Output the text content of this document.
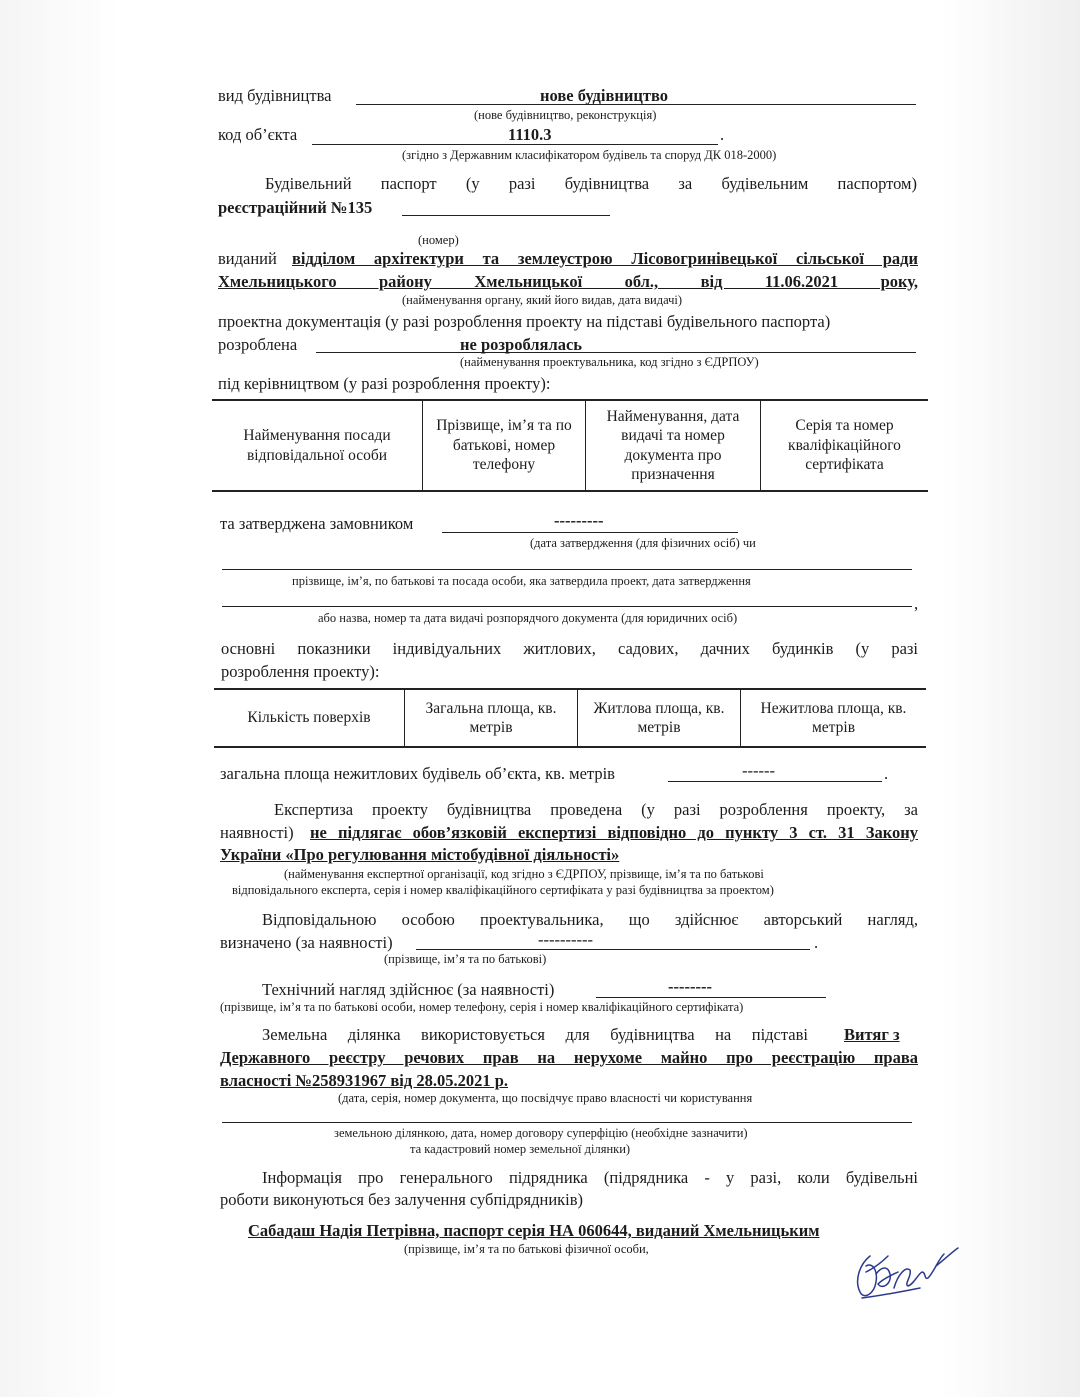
вид будівництва	нове будівництво
(нове будівництво, реконструкція)
код об’єкта	1110.3	.
(згідно з Державним класифікатором будівель та споруд ДК 018-2000)
Будівельний паспорт (у разі будівництва за будівельним паспортом)
реєстраційний №135
(номер)
виданий відділом архітектури та землеустрою Лісовогринівецької сільської ради
Хмельницького району Хмельницької обл., від 11.06.2021 року,
(найменування органу, який його видав, дата видачі)
проектна документація (у разі розроблення проекту на підставі будівельного паспорта)
розроблена	не розроблялась
(найменування проектувальника, код згідно з ЄДРПОУ)
під керівництвом (у разі розроблення проекту):
Найменування посади відповідальної особи	Прізвище, ім’я та по батькові, номер телефону	Найменування, дата видачі та номер документа про призначення	Серія та номер кваліфікаційного сертифіката
та затверджена замовником	---------
(дата затвердження (для фізичних осіб) чи
прізвище, ім’я, по батькові та посада особи, яка затвердила проект, дата затвердження
,
або назва, номер та дата видачі розпорядчого документа (для юридичних осіб)
основні показники індивідуальних житлових, садових, дачних будинків (у разі
розроблення проекту):
Кількість поверхів	Загальна площа, кв. метрів	Житлова площа, кв. метрів	Нежитлова площа, кв. метрів
загальна площа нежитлових будівель об’єкта, кв. метрів	------	.
Експертиза проекту будівництва проведена (у разі розроблення проекту, за
наявності) не підлягає обов’язковій експертизі відповідно до пункту 3 ст. 31 Закону
України «Про регулювання містобудівної діяльності»
(найменування експертної організації, код згідно з ЄДРПОУ, прізвище, ім’я та по батькові
відповідального експерта, серія і номер кваліфікаційного сертифіката у разі будівництва за проектом)
Відповідальною особою проектувальника, що здійснює авторський нагляд,
визначено (за наявності)	----------	.
(прізвище, ім’я та по батькові)
Технічний нагляд здійснює (за наявності)	--------
(прізвище, ім’я та по батькові особи, номер телефону, серія і номер кваліфікаційного сертифіката)
Земельна ділянка використовується для будівництва на підставі Витяг з
Державного реєстру речових прав на нерухоме майно про реєстрацію права
власності №258931967 від 28.05.2021 р.
(дата, серія, номер документа, що посвідчує право власності чи користування
земельною ділянкою, дата, номер договору суперфіцію (необхідне зазначити)
та кадастровий номер земельної ділянки)
Інформація про генерального підрядника (підрядника - у разі, коли будівельні
роботи виконуються без залучення субпідрядників)
Сабадаш Надія Петрівна, паспорт серія НА 060644, виданий Хмельницьким
(прізвище, ім’я та по батькові фізичної особи,
